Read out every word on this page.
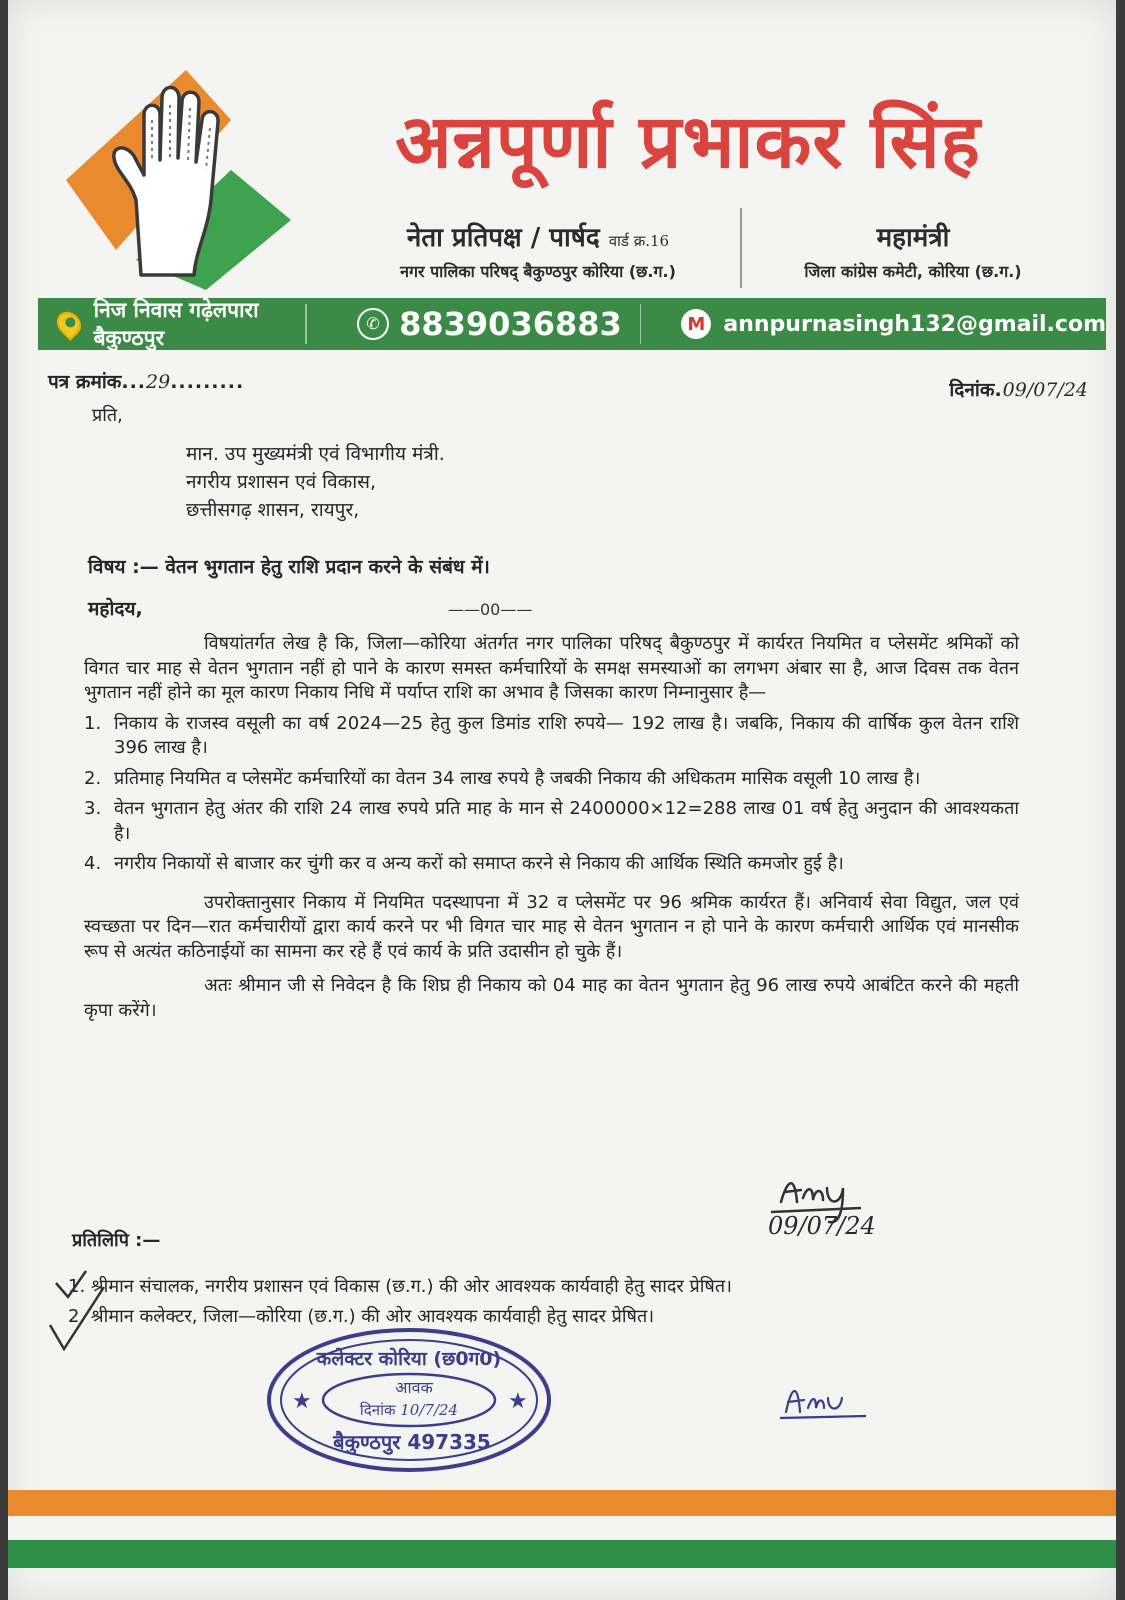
अन्नपूर्णा प्रभाकर सिंह
नेता प्रतिपक्ष / पार्षद वार्ड क्र.16
नगर पालिका परिषद् बैकुण्ठपुर कोरिया (छ.ग.)
महामंत्री
जिला कांग्रेस कमेटी, कोरिया (छ.ग.)
निज निवास गढ़ेलपारा बैकुण्ठपुर
✆ 8839036883	M annpurnasingh132@gmail.com
पत्र क्रमांक...29.........	दिनांक.09/07/24
प्रति,
मान. उप मुख्यमंत्री एवं विभागीय मंत्री.
नगरीय प्रशासन एवं विकास,
छत्तीसगढ़ शासन, रायपुर,
विषय :— वेतन भुगतान हेतु राशि प्रदान करने के संबंध में।
महोदय,	——00——

विषयांतर्गत लेख है कि, जिला—कोरिया अंतर्गत नगर पालिका परिषद् बैकुण्ठपुर में कार्यरत नियमित व प्लेसमेंट श्रमिकों को विगत चार माह से वेतन भुगतान नहीं हो पाने के कारण समस्त कर्मचारियों के समक्ष समस्याओं का लगभग अंबार सा है, आज दिवस तक वेतन भुगतान नहीं होने का मूल कारण निकाय निधि में पर्याप्त राशि का अभाव है जिसका कारण निम्नानुसार है—

1. निकाय के राजस्व वसूली का वर्ष 2024—25 हेतु कुल डिमांड राशि रुपये— 192 लाख है। जबकि, निकाय की वार्षिक कुल वेतन राशि 396 लाख है।
2. प्रतिमाह नियमित व प्लेसमेंट कर्मचारियों का वेतन 34 लाख रुपये है जबकी निकाय की अधिकतम मासिक वसूली 10 लाख है।
3. वेतन भुगतान हेतु अंतर की राशि 24 लाख रुपये प्रति माह के मान से 2400000×12=288 लाख 01 वर्ष हेतु अनुदान की आवश्यकता है।
4. नगरीय निकायों से बाजार कर चुंगी कर व अन्य करों को समाप्त करने से निकाय की आर्थिक स्थिति कमजोर हुई है।

उपरोक्तानुसार निकाय में नियमित पदस्थापना में 32 व प्लेसमेंट पर 96 श्रमिक कार्यरत हैं। अनिवार्य सेवा विद्युत, जल एवं स्वच्छता पर दिन—रात कर्मचारीयों द्वारा कार्य करने पर भी विगत चार माह से वेतन भुगतान न हो पाने के कारण कर्मचारी आर्थिक एवं मानसीक रूप से अत्यंत कठिनाईयों का सामना कर रहे हैं एवं कार्य के प्रति उदासीन हो चुके हैं।

अतः श्रीमान जी से निवेदन है कि शिघ्र ही निकाय को 04 माह का वेतन भुगतान हेतु 96 लाख रुपये आबंटित करने की महती कृपा करेंगे।

09/07/24
प्रतिलिपि :—
1. श्रीमान संचालक, नगरीय प्रशासन एवं विकास (छ.ग.) की ओर आवश्यक कार्यवाही हेतु सादर प्रेषित।
2. श्रीमान कलेक्टर, जिला—कोरिया (छ.ग.) की ओर आवश्यक कार्यवाही हेतु सादर प्रेषित।
★	★
कलेक्टर कोरिया (छ0ग0)
आवक
दिनांक 10/7/24
बैकुण्ठपुर 497335
